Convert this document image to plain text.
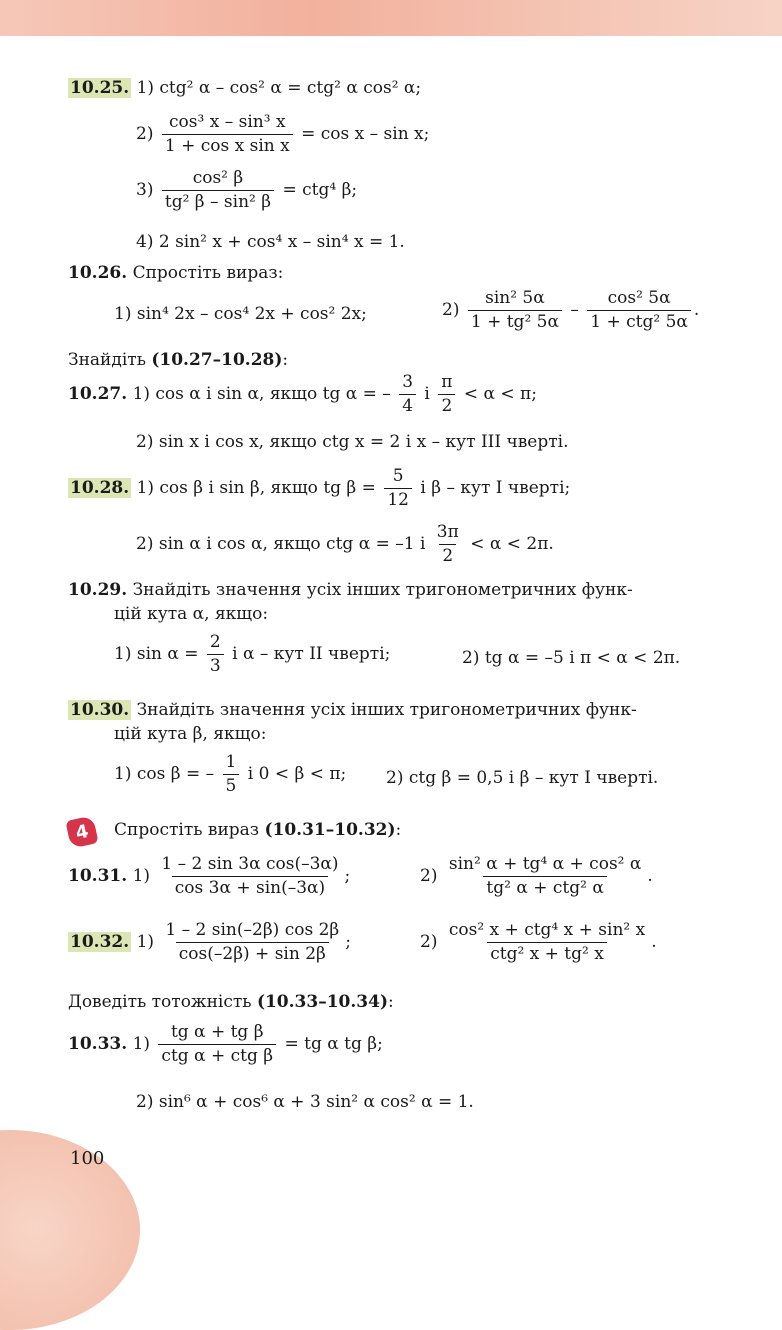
10.25. 1) ctg² α – cos² α = ctg² α cos² α;
$2) \frac{\text{cos³ x – sin³ x}}{\text{1 + cos x sin x}} = \cos x - \sin x$;
$3) \frac{\text{cos² β}}{\text{tg² β – sin² β}} = ctg^4$ β;
4) 2 sin² x + cos⁴ x – sin⁴ x = 1.
10.26. Спростіть вираз:
1) sin⁴ 2x – cos⁴ 2x + cos² 2x;	$2) \frac{\text{sin² 5α}}{\text{1 + tg² 5α}} - \frac{\text{cos² 5α}}{\text{1 + ctg² 5α}}$ .
Знайдіть (10.27–10.28):
10.27. 1) cos α і sin α, якщо tg α = – $\frac{3}{4}$ і $\frac{\pi}{2} < \alpha < \pi$;
2) sin x і cos x, якщо ctg x = 2 і x – кут III чверті.
10.28. 1) cos β і sin β, якщо tg $\beta = \frac{5}{12}$ і β – кут I чверті;
2) sin α і cos α, якщо ctg α = –1 і $\frac{3\pi}{2} < \alpha < 2\pi$.
10.29. Знайдіть значення усіх інших тригонометричних функ-
цій кута α, якщо:
1) $\sin \alpha = \frac{2}{3}$ і α – кут II чверті;	2) tg α = –5 і π < α < 2π.
10.30. Знайдіть значення усіх інших тригонометричних функ-
цій кута β, якщо:
1) cos β = – $\frac{1}{5}$ і 0 < β < π; 2) ctg β = 0,5 і β – кут I чверті.
4	Спростіть вираз (10.31–10.32):
10.31. $1) \frac{\text{1 – 2 sin 3α cos(–3α)}}{\cos 3\alpha + \sin(-3\alpha)}$ ;	$2) \frac{\text{sin² α + tg⁴ α + cos² α}}{\text{tg² α + ctg² α}}$ .
10.32. $1) \frac{1 - 2 \sin(-2\beta) \cos 2\beta}{\cos(-2\beta) + \sin 2\beta}$ ;	$2) \frac{\text{cos² x + ctg⁴ x + sin² x}}{\text{ctg² x + tg² x}}$ .
Доведіть тотожність (10.33–10.34):
10.33. $1) \frac{\text{tg α + tg β}}{\text{ctg α + ctg β}}$ = tg α tg β;
2) sin⁶ α + cos⁶ α + 3 sin² α cos² α = 1.
100
